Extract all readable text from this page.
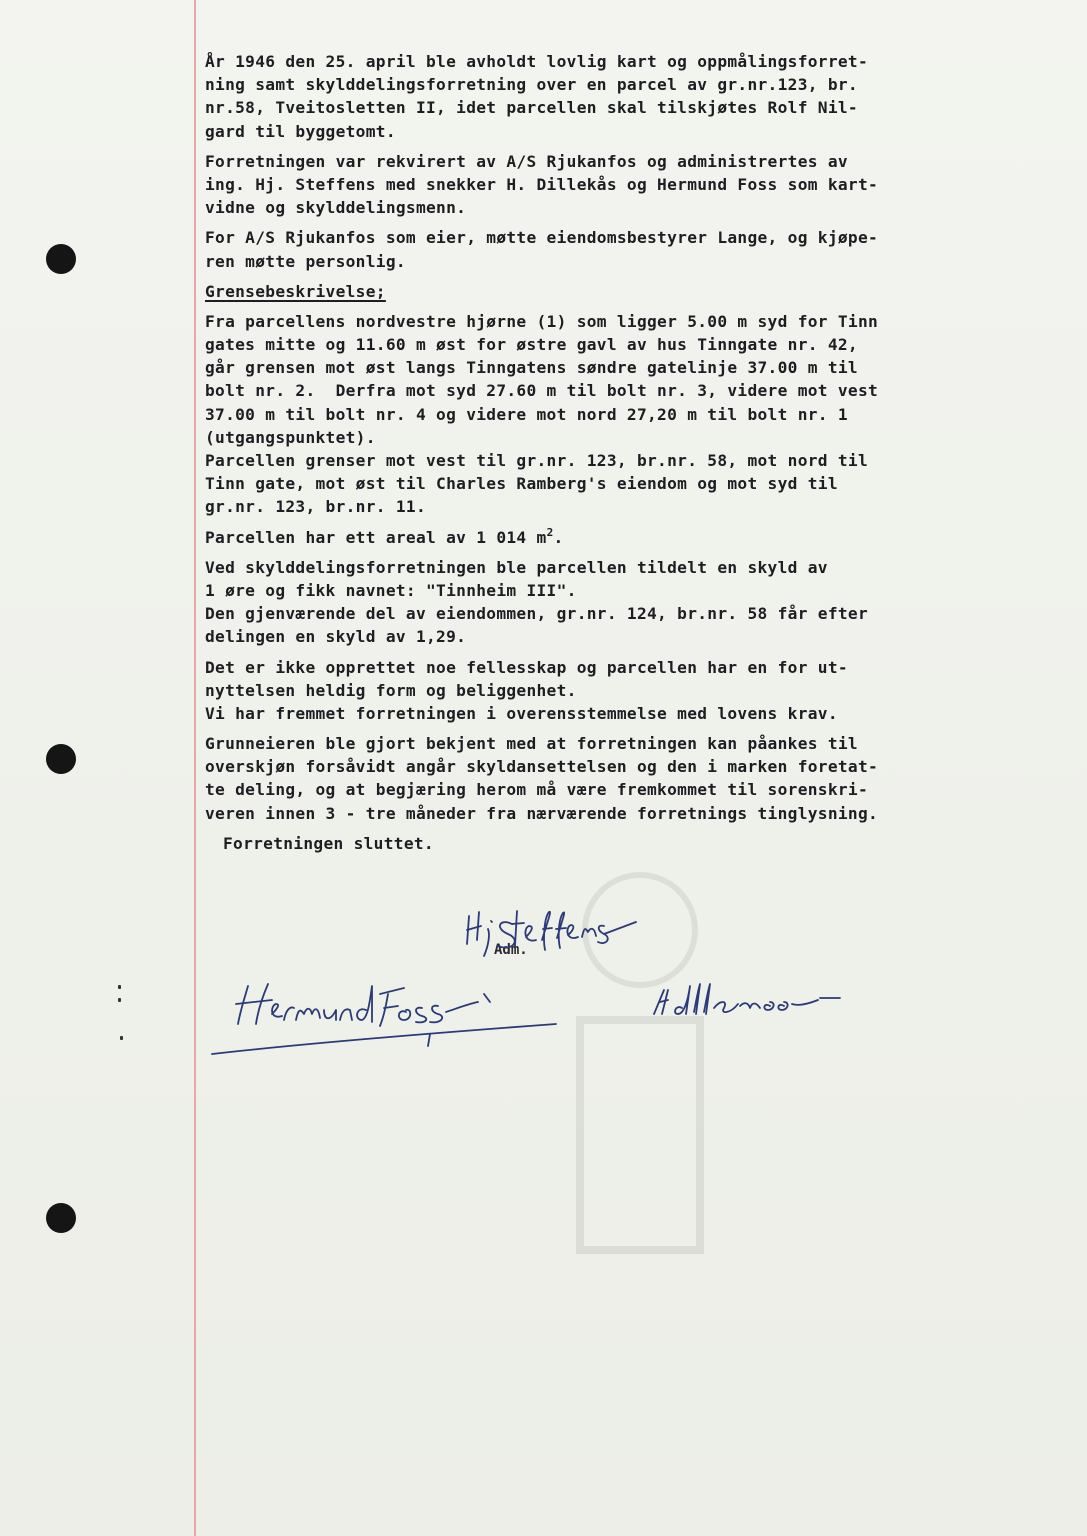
År 1946 den 25. april ble avholdt lovlig kart og oppmålingsforret-
ning samt skylddelingsforretning over en parcel av gr.nr.123, br.
nr.58, Tveitosletten II, idet parcellen skal tilskjøtes Rolf Nil-
gard til byggetomt.
Forretningen var rekvirert av A/S Rjukanfos og administrertes av
ing. Hj. Steffens med snekker H. Dillekås og Hermund Foss som kart-
vidne og skylddelingsmenn.
For A/S Rjukanfos som eier, møtte eiendomsbestyrer Lange, og kjøpe-
ren møtte personlig.
Grensebeskrivelse;
Fra parcellens nordvestre hjørne (1) som ligger 5.00 m syd for Tinn
gates mitte og 11.60 m øst for østre gavl av hus Tinngate nr. 42,
går grensen mot øst langs Tinngatens søndre gatelinje 37.00 m til
bolt nr. 2.  Derfra mot syd 27.60 m til bolt nr. 3, videre mot vest
37.00 m til bolt nr. 4 og videre mot nord 27,20 m til bolt nr. 1
(utgangspunktet).
Parcellen grenser mot vest til gr.nr. 123, br.nr. 58, mot nord til
Tinn gate, mot øst til Charles Ramberg's eiendom og mot syd til
gr.nr. 123, br.nr. 11.
Parcellen har ett areal av 1 014 $m^2$.
Ved skylddelingsforretningen ble parcellen tildelt en skyld av
1 øre og fikk navnet: "Tinnheim III".
Den gjenværende del av eiendommen, gr.nr. 124, br.nr. 58 får efter
delingen en skyld av 1,29.
Det er ikke opprettet noe fellesskap og parcellen har en for ut-
nyttelsen heldig form og beliggenhet.
Vi har fremmet forretningen i overensstemmelse med lovens krav.
Grunneieren ble gjort bekjent med at forretningen kan påankes til
overskjøn forsåvidt angår skyldansettelsen og den i marken foretat-
te deling, og at begjæring herom må være fremkommet til sorenskri-
veren innen 3 - tre måneder fra nærværende forretnings tinglysning.
Forretningen sluttet.
Adm.
